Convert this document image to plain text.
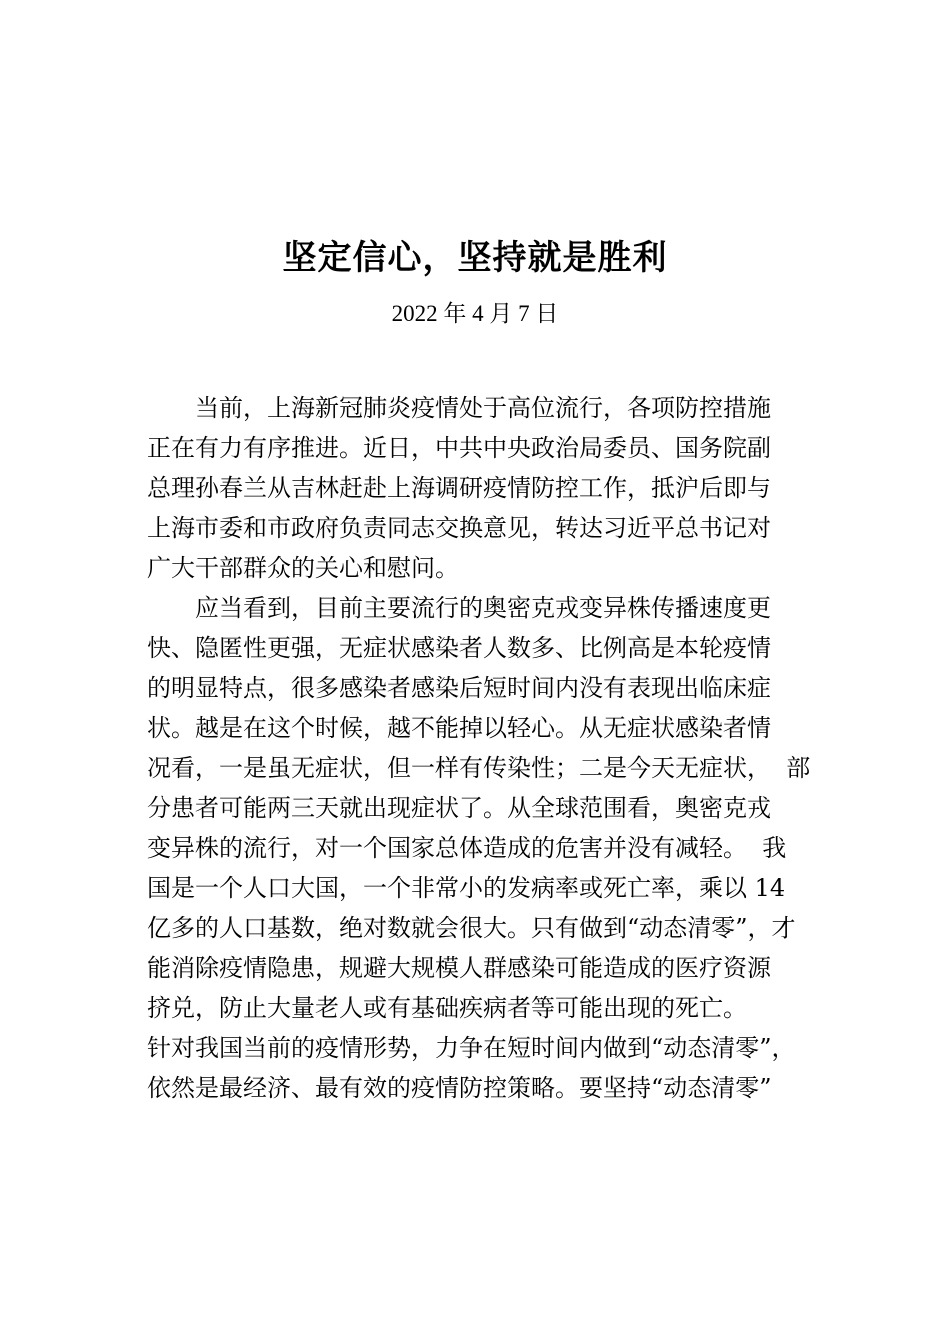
坚定信心，坚持就是胜利

2022 年 4 月 7 日

当前，上海新冠肺炎疫情处于高位流行，各项防控措施
正在有力有序推进。近日，中共中央政治局委员、国务院副
总理孙春兰从吉林赶赴上海调研疫情防控工作，抵沪后即与
上海市委和市政府负责同志交换意见，转达习近平总书记对
广大干部群众的关心和慰问。
应当看到，目前主要流行的奥密克戎变异株传播速度更
快、隐匿性更强，无症状感染者人数多、比例高是本轮疫情
的明显特点，很多感染者感染后短时间内没有表现出临床症
状。越是在这个时候，越不能掉以轻心。从无症状感染者情
况看，一是虽无症状，但一样有传染性；二是今天无症状，  部
分患者可能两三天就出现症状了。从全球范围看，奥密克戎
变异株的流行，对一个国家总体造成的危害并没有减轻。  我
国是一个人口大国，一个非常小的发病率或死亡率，乘以 14
亿多的人口基数，绝对数就会很大。只有做到“动态清零”，才
能消除疫情隐患，规避大规模人群感染可能造成的医疗资源
挤兑，防止大量老人或有基础疾病者等可能出现的死亡。
针对我国当前的疫情形势，力争在短时间内做到“动态清零”，
依然是最经济、最有效的疫情防控策略。要坚持“动态清零”
